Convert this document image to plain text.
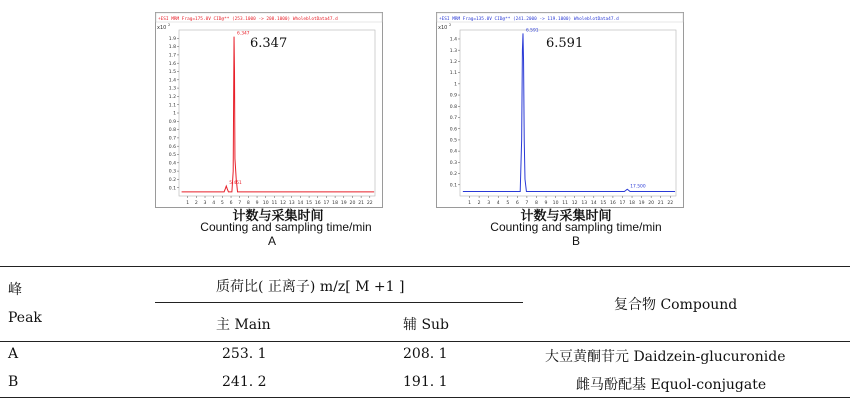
+ESI MRM Frag=175.0V CID@** (253.1000 -> 208.1000) WholeblotData47.d
x10 2
0.1
0.2
0.3
0.4
0.5
0.6
0.7
0.8
0.9
1
1.1
1.2
1.3
1.4
1.5
1.6
1.7
1.8
1.9
1 2 3 4 5 6 7 8 9 10 11 12 13 14 15 16 17 18 19 20 21 22
6.347
5.451
6.347
计数与采集时间
Counting and sampling time/min
A
+ESI MRM Frag=135.0V CID@** (241.2000 -> 119.1000) WholeblotData47.d
x10 2
0.1
0.2
0.3
0.4
0.5
0.6
0.7
0.8
0.9
1
1.1
1.2
1.3
1.4
1 2 3 4 5 6 7 8 9 10 11 12 13 14 15 16 17 18 19 20 21 22
6.591
17.500
6.591
计数与采集时间
Counting and sampling time/min
B
峰
Peak
质荷比( 正离子) m/z[ M +1 ]
主 Main	辅 Sub
复合物 Compound
A	253. 1	208. 1	大豆黄酮苷元 Daidzein-glucuronide
B	241. 2	191. 1	雌马酚配基 Equol-conjugate
